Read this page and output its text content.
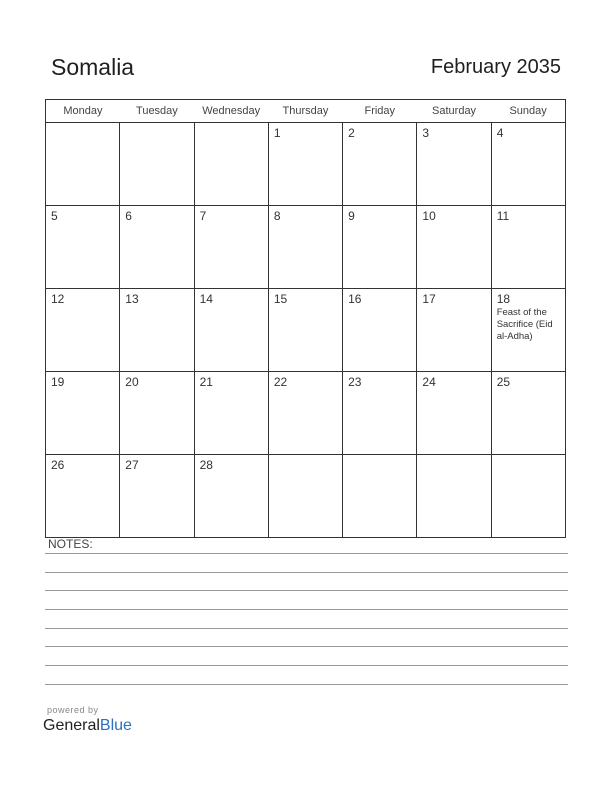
Somalia	February 2035
Monday	Tuesday	Wednesday	Thursday	Friday	Saturday	Sunday

			1	2	3	4

5	6	7	8	9	10	11

12	13	14	15	16	17	18
Feast of the Sacrifice (Eid al-Adha)

19	20	21	22	23	24	25

26	27	28				

NOTES:
powered by
GeneralBlue
